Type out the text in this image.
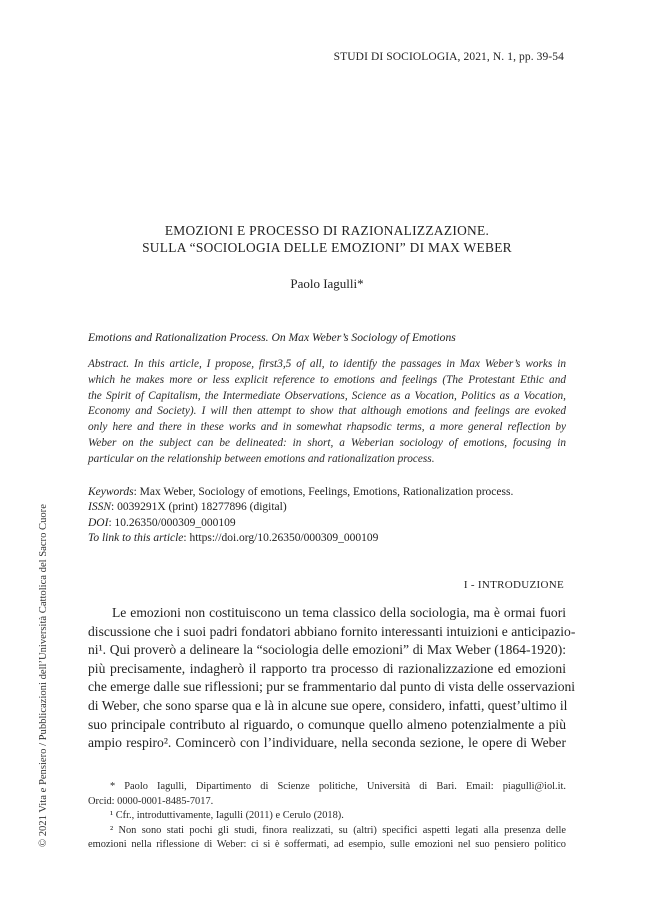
STUDI DI SOCIOLOGIA, 2021, N. 1, pp. 39-54
EMOZIONI E PROCESSO DI RAZIONALIZZAZIONE.
SULLA “SOCIOLOGIA DELLE EMOZIONI” DI MAX WEBER
Paolo Iagulli*
Emotions and Rationalization Process. On Max Weber’s Sociology of Emotions
Abstract. In this article, I propose, first3,5 of all, to identify the passages in Max Weber’s works in
which he makes more or less explicit reference to emotions and feelings (The Protestant Ethic and
the Spirit of Capitalism, the Intermediate Observations, Science as a Vocation, Politics as a Vocation,
Economy and Society). I will then attempt to show that although emotions and feelings are evoked
only here and there in these works and in somewhat rhapsodic terms, a more general reflection by
Weber on the subject can be delineated: in short, a Weberian sociology of emotions, focusing in
particular on the relationship between emotions and rationalization process.
Keywords: Max Weber, Sociology of emotions, Feelings, Emotions, Rationalization process.
ISSN: 0039291X (print) 18277896 (digital)
DOI: 10.26350/000309_000109
To link to this article: https://doi.org/10.26350/000309_000109
I - INTRODUZIONE
Le emozioni non costituiscono un tema classico della sociologia, ma è ormai fuori
discussione che i suoi padri fondatori abbiano fornito interessanti intuizioni e anticipazio-
ni¹. Qui proverò a delineare la “sociologia delle emozioni” di Max Weber (1864-1920):
più precisamente, indagherò il rapporto tra processo di razionalizzazione ed emozioni
che emerge dalle sue riflessioni; pur se frammentario dal punto di vista delle osservazioni
di Weber, che sono sparse qua e là in alcune sue opere, considero, infatti, quest’ultimo il
suo principale contributo al riguardo, o comunque quello almeno potenzialmente a più
ampio respiro². Comincerò con l’individuare, nella seconda sezione, le opere di Weber
* Paolo Iagulli, Dipartimento di Scienze politiche, Università di Bari. Email: piagulli@iol.it.
Orcid: 0000-0001-8485-7017.
¹ Cfr., introduttivamente, Iagulli (2011) e Cerulo (2018).
² Non sono stati pochi gli studi, finora realizzati, su (altri) specifici aspetti legati alla presenza delle
emozioni nella riflessione di Weber: ci si è soffermati, ad esempio, sulle emozioni nel suo pensiero politico
© 2021 Vita e Pensiero / Pubblicazioni dell’Università Cattolica del Sacro Cuore
